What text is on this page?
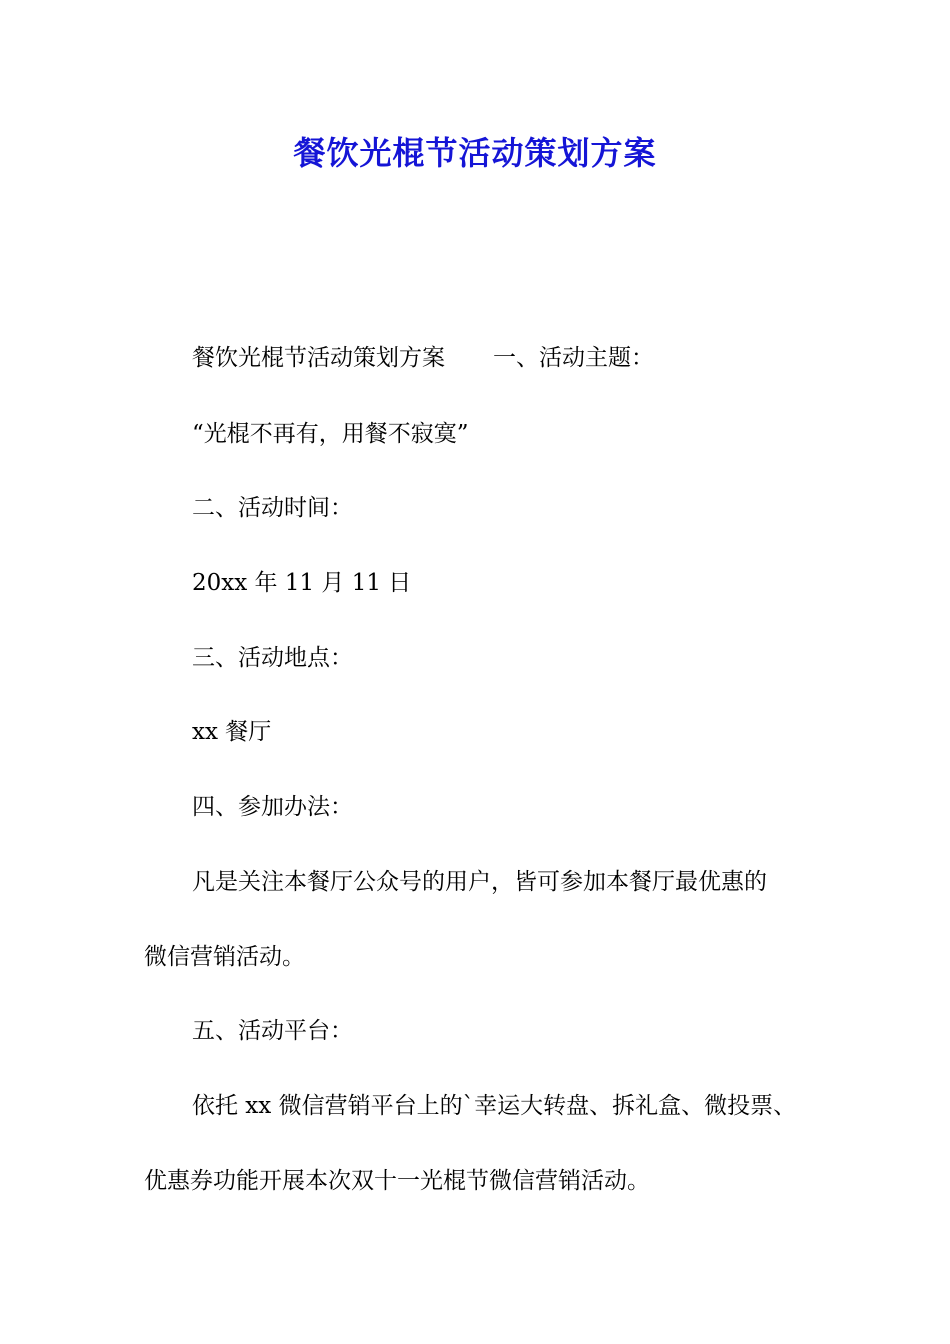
餐饮光棍节活动策划方案
餐饮光棍节活动策划方案 一、活动主题：
“光棍不再有，用餐不寂寞”
二、活动时间：
20xx 年 11 月 11 日
三、活动地点：
xx 餐厅
四、参加办法：
凡是关注本餐厅公众号的用户，皆可参加本餐厅最优惠的
微信营销活动。
五、活动平台：
依托 xx 微信营销平台上的`幸运大转盘、拆礼盒、微投票、
优惠券功能开展本次双十一光棍节微信营销活动。
